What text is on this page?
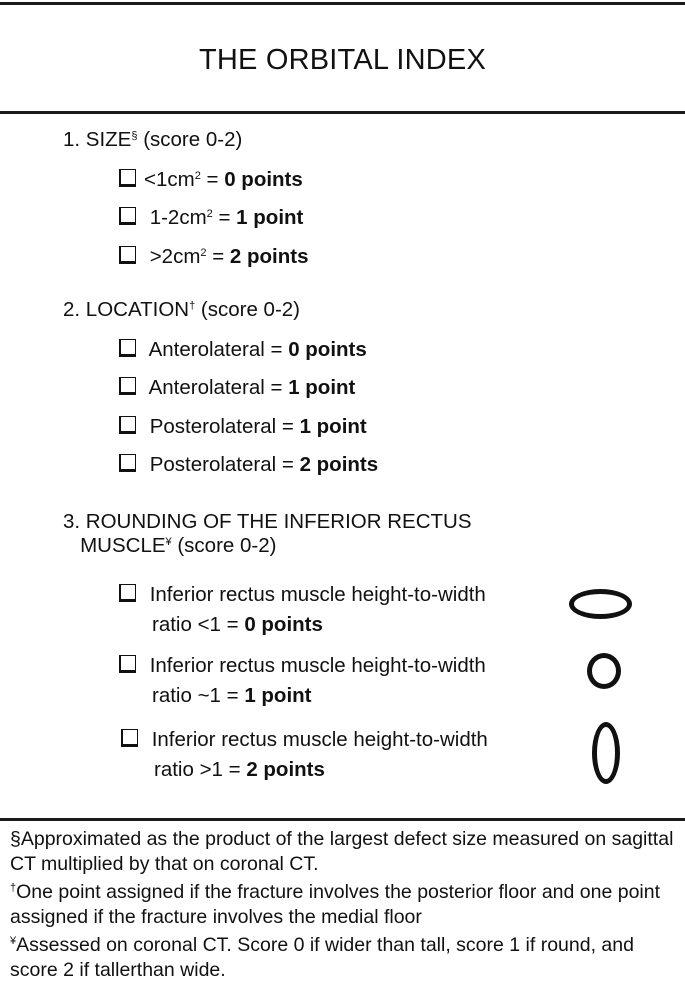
THE ORBITAL INDEX
1. SIZE§ (score 0-2)
$<1cm^2 = 0$ points
$1-2cm^2 = 1$ point
$>2cm^2 = 2$ points
2. LOCATION† (score 0-2)
Anterolateral = 0 points
Anterolateral = 1 point
Posterolateral = 1 point
Posterolateral = 2 points
3. ROUNDING OF THE INFERIOR RECTUS
MUSCLE¥ (score 0-2)
Inferior rectus muscle height-to-width
ratio <1 = 0 points
Inferior rectus muscle height-to-width
ratio ~1 = 1 point
Inferior rectus muscle height-to-width
ratio >1 = 2 points
§Approximated as the product of the largest defect size measured on sagittal CT multiplied by that on coronal CT.
†One point assigned if the fracture involves the posterior floor and one point assigned if the fracture involves the medial floor
¥Assessed on coronal CT. Score 0 if wider than tall, score 1 if round, and score 2 if tallerthan wide.
